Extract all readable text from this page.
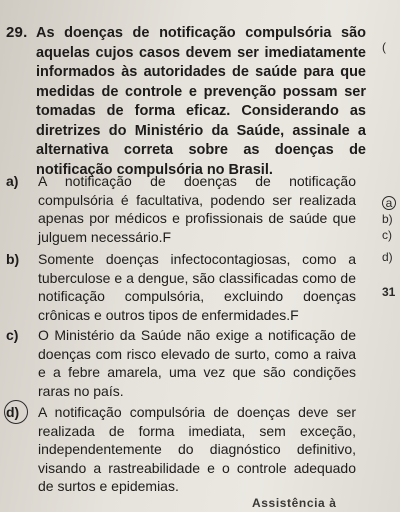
29. As doenças de notificação compulsória são aquelas cujos casos devem ser imediatamente informados às autoridades de saúde para que medidas de controle e prevenção possam ser tomadas de forma eficaz. Considerando as diretrizes do Ministério da Saúde, assinale a alternativa correta sobre as doenças de notificação compulsória no Brasil.
a) A notificação de doenças de notificação compulsória é facultativa, podendo ser realizada apenas por médicos e profissionais de saúde que julguem necessário.F
b) Somente doenças infectocontagiosas, como a tuberculose e a dengue, são classificadas como de notificação compulsória, excluindo doenças crônicas e outros tipos de enfermidades.F
c) O Ministério da Saúde não exige a notificação de doenças com risco elevado de surto, como a raiva e a febre amarela, uma vez que são condições raras no país.
d) A notificação compulsória de doenças deve ser realizada de forma imediata, sem exceção, independentemente do diagnóstico definitivo, visando a rastreabilidade e o controle adequado de surtos e epidemias.
Assistência à
(
a
b)
c)
d)
31
